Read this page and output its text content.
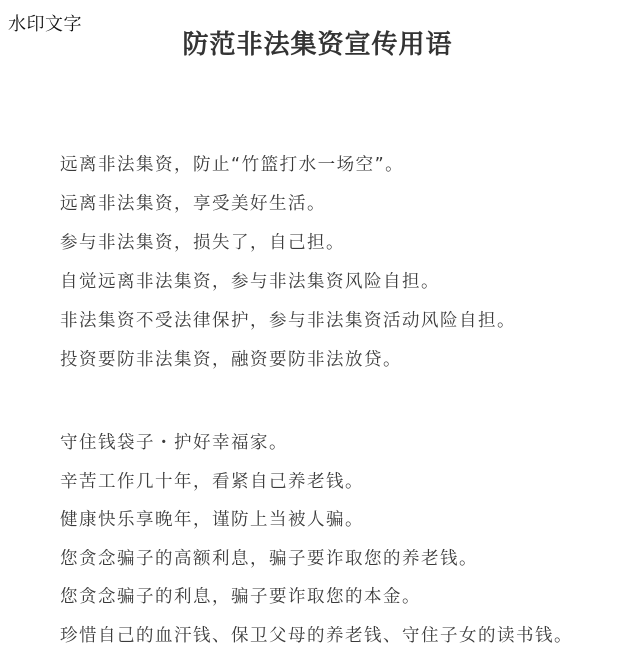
水印文字
防范非法集资宣传用语
远离非法集资，防止“竹篮打水一场空”。
远离非法集资，享受美好生活。
参与非法集资，损失了，自己担。
自觉远离非法集资，参与非法集资风险自担。
非法集资不受法律保护，参与非法集资活动风险自担。
投资要防非法集资，融资要防非法放贷。
守住钱袋子・护好幸福家。
辛苦工作几十年，看紧自己养老钱。
健康快乐享晚年，谨防上当被人骗。
您贪念骗子的高额利息，骗子要诈取您的养老钱。
您贪念骗子的利息，骗子要诈取您的本金。
珍惜自己的血汗钱、保卫父母的养老钱、守住子女的读书钱。
